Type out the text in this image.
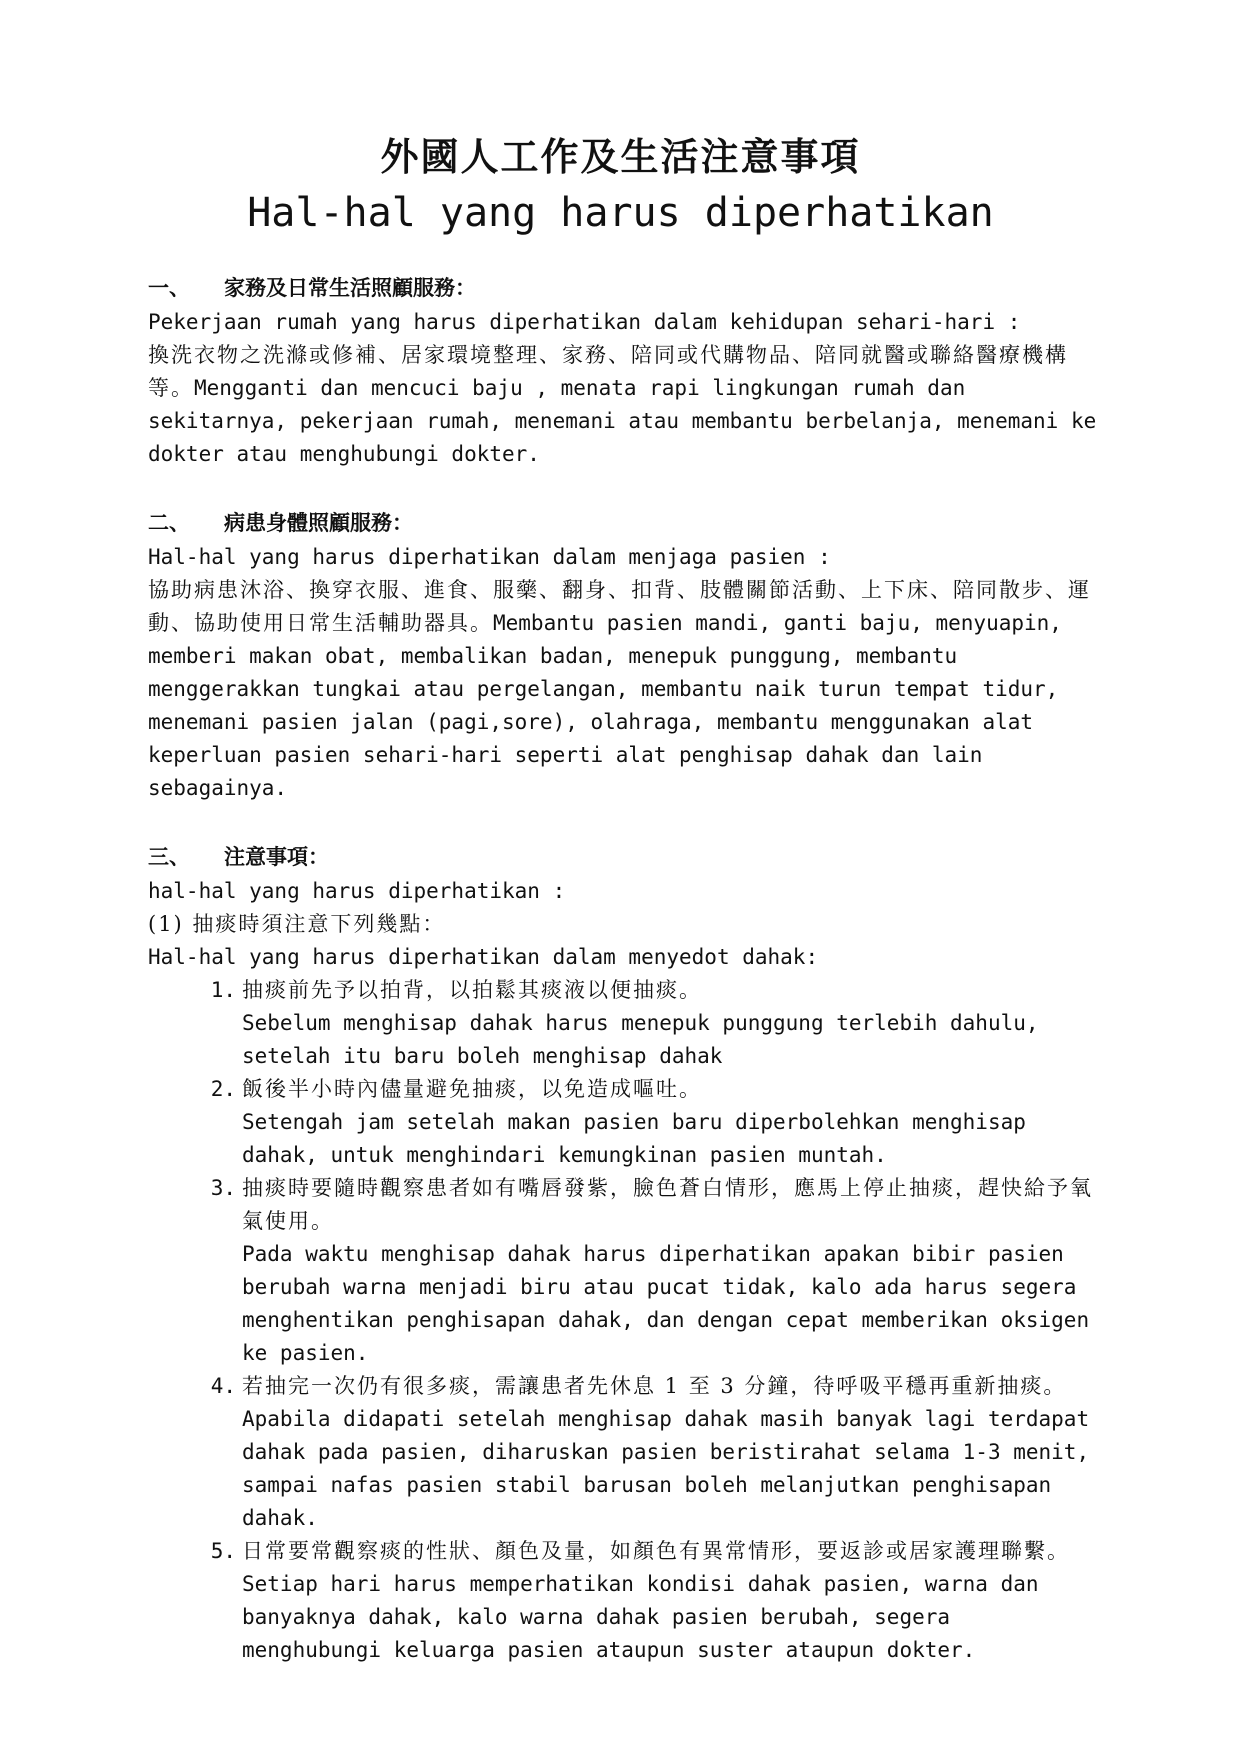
外國人工作及生活注意事項
Hal-hal yang harus diperhatikan
一、	家務及日常生活照顧服務：

Pekerjaan rumah yang harus diperhatikan dalam kehidupan sehari-hari :

換洗衣物之洗滌或修補、居家環境整理、家務、陪同或代購物品、陪同就醫或聯絡醫療機構等。Mengganti dan mencuci baju , menata rapi lingkungan rumah dan sekitarnya, pekerjaan rumah, menemani atau membantu berbelanja, menemani ke dokter atau menghubungi dokter.

二、	病患身體照顧服務：

Hal-hal yang harus diperhatikan dalam menjaga pasien :

協助病患沐浴、換穿衣服、進食、服藥、翻身、扣背、肢體關節活動、上下床、陪同散步、運動、協助使用日常生活輔助器具。Membantu pasien mandi, ganti baju, menyuapin, memberi makan obat, membalikan badan, menepuk punggung, membantu menggerakkan tungkai atau pergelangan, membantu naik turun tempat tidur, menemani pasien jalan (pagi,sore), olahraga, membantu menggunakan alat keperluan pasien sehari-hari seperti alat penghisap dahak dan lain sebagainya.

三、	注意事項：

hal-hal yang harus diperhatikan :

(1) 抽痰時須注意下列幾點：

Hal-hal yang harus diperhatikan dalam menyedot dahak:

1. 抽痰前先予以拍背，以拍鬆其痰液以便抽痰。
Sebelum menghisap dahak harus menepuk punggung terlebih dahulu, setelah itu baru boleh menghisap dahak
2. 飯後半小時內儘量避免抽痰，以免造成嘔吐。
Setengah jam setelah makan pasien baru diperbolehkan menghisap dahak, untuk menghindari kemungkinan pasien muntah.
3. 抽痰時要隨時觀察患者如有嘴唇發紫，臉色蒼白情形，應馬上停止抽痰，趕快給予氧氣使用。
Pada waktu menghisap dahak harus diperhatikan apakan bibir pasien berubah warna menjadi biru atau pucat tidak, kalo ada harus segera menghentikan penghisapan dahak, dan dengan cepat memberikan oksigen ke pasien.
4. 若抽完一次仍有很多痰，需讓患者先休息 1 至 3 分鐘，待呼吸平穩再重新抽痰。
Apabila didapati setelah menghisap dahak masih banyak lagi terdapat dahak pada pasien, diharuskan pasien beristirahat selama 1-3 menit, sampai nafas pasien stabil barusan boleh melanjutkan penghisapan dahak.
5. 日常要常觀察痰的性狀、顏色及量，如顏色有異常情形，要返診或居家護理聯繫。
Setiap hari harus memperhatikan kondisi dahak pasien, warna dan banyaknya dahak, kalo warna dahak pasien berubah, segera menghubungi keluarga pasien ataupun suster ataupun dokter.
